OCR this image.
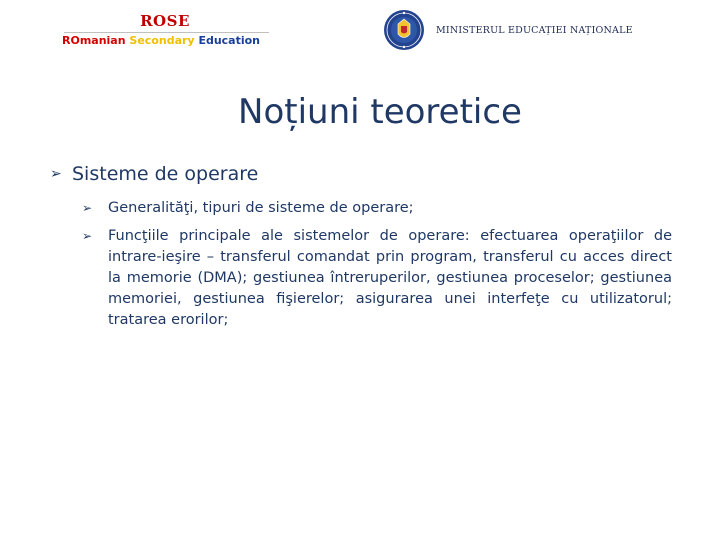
ROSE
ROmanian Secondary Education
MINISTERUL EDUCAȚIEI NAȚIONALE
Noțiuni teoretice
➢ Sisteme de operare
➢	Generalităţi, tipuri de sisteme de operare;
➢	Funcţiile principale ale sistemelor de operare: efectuarea operaţiilor de intrare-ieşire – transferul comandat prin program, transferul cu acces direct la memorie (DMA); gestiunea întreruperilor, gestiunea proceselor; gestiunea memoriei, gestiunea fişierelor; asigurarea unei interfeţe cu utilizatorul; tratarea erorilor;
